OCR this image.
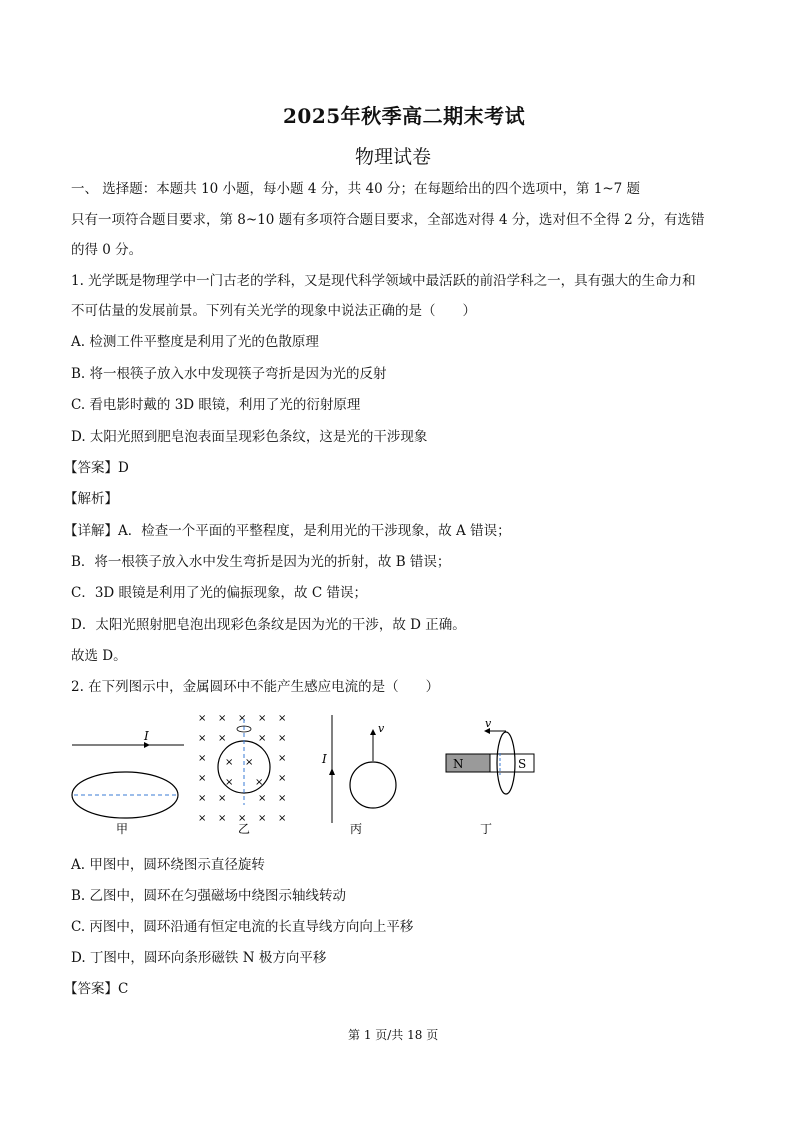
2025年秋季高二期末考试
物理试卷
一、 选择题：本题共 10 小题，每小题 4 分，共 40 分；在每题给出的四个选项中，第 1~7 题
只有一项符合题目要求，第 8~10 题有多项符合题目要求，全部选对得 4 分，选对但不全得 2 分，有选错
的得 0 分。
1. 光学既是物理学中一门古老的学科，又是现代科学领域中最活跃的前沿学科之一，具有强大的生命力和
不可估量的发展前景。下列有关光学的现象中说法正确的是（　　）
A. 检测工件平整度是利用了光的色散原理
B. 将一根筷子放入水中发现筷子弯折是因为光的反射
C. 看电影时戴的 3D 眼镜，利用了光的衍射原理
D. 太阳光照到肥皂泡表面呈现彩色条纹，这是光的干涉现象
【答案】D
【解析】
【详解】A．检查一个平面的平整程度，是利用光的干涉现象，故 A 错误；
B．将一根筷子放入水中发生弯折是因为光的折射，故 B 错误；
C．3D 眼镜是利用了光的偏振现象，故 C 错误；
D．太阳光照射肥皂泡出现彩色条纹是因为光的干涉，故 D 正确。
故选 D。
2. 在下列图示中，金属圆环中不能产生感应电流的是（　　）
I
甲
× × × × ×
× ×	× ×
×	×
×	×
× ×	× ×
× × × × ×
× ×
× ×
乙
I
v
丙
N	S
v
丁
A. 甲图中，圆环绕图示直径旋转
B. 乙图中，圆环在匀强磁场中绕图示轴线转动
C. 丙图中，圆环沿通有恒定电流的长直导线方向向上平移
D. 丁图中，圆环向条形磁铁 N 极方向平移
【答案】C
第 1 页/共 18 页
